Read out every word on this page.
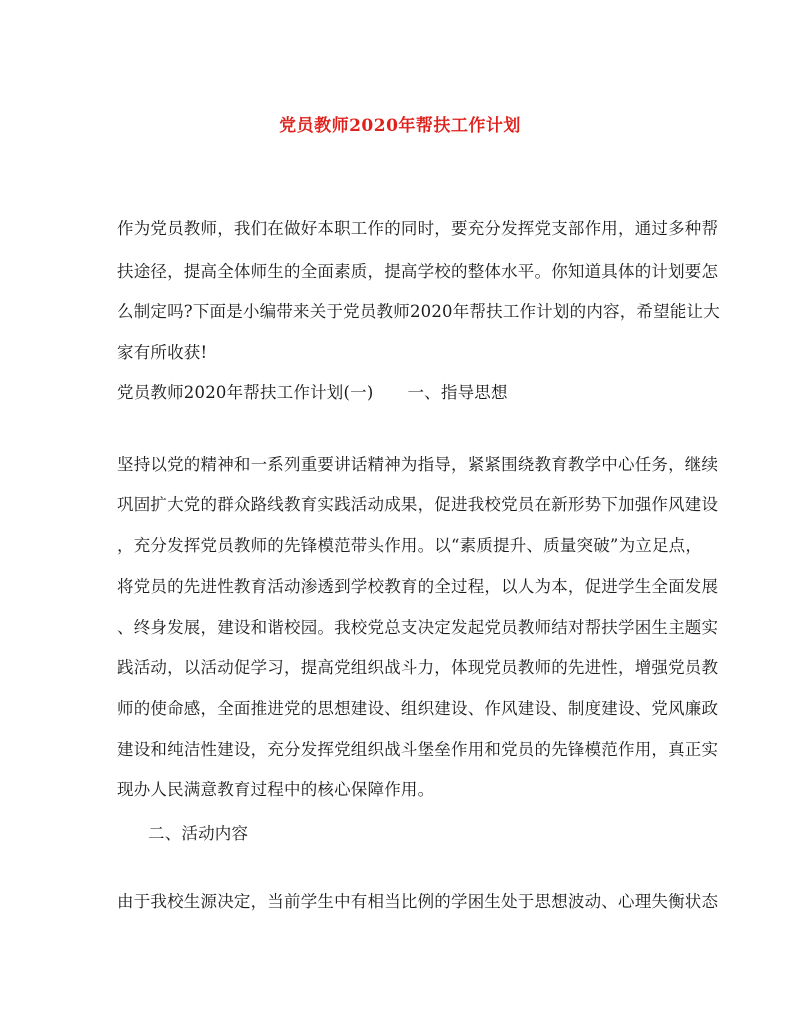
党员教师2020年帮扶工作计划
作为党员教师，我们在做好本职工作的同时，要充分发挥党支部作用，通过多种帮
扶途径，提高全体师生的全面素质，提高学校的整体水平。你知道具体的计划要怎
么制定吗?下面是小编带来关于党员教师2020年帮扶工作计划的内容，希望能让大
家有所收获!
党员教师2020年帮扶工作计划(一) 一、指导思想
坚持以党的精神和一系列重要讲话精神为指导，紧紧围绕教育教学中心任务，继续
巩固扩大党的群众路线教育实践活动成果，促进我校党员在新形势下加强作风建设
，充分发挥党员教师的先锋模范带头作用。以“素质提升、质量突破”为立足点，
将党员的先进性教育活动渗透到学校教育的全过程，以人为本，促进学生全面发展
、终身发展，建设和谐校园。我校党总支决定发起党员教师结对帮扶学困生主题实
践活动，以活动促学习，提高党组织战斗力，体现党员教师的先进性，增强党员教
师的使命感，全面推进党的思想建设、组织建设、作风建设、制度建设、党风廉政
建设和纯洁性建设，充分发挥党组织战斗堡垒作用和党员的先锋模范作用，真正实
现办人民满意教育过程中的核心保障作用。
二、活动内容
由于我校生源决定，当前学生中有相当比例的学困生处于思想波动、心理失衡状态
